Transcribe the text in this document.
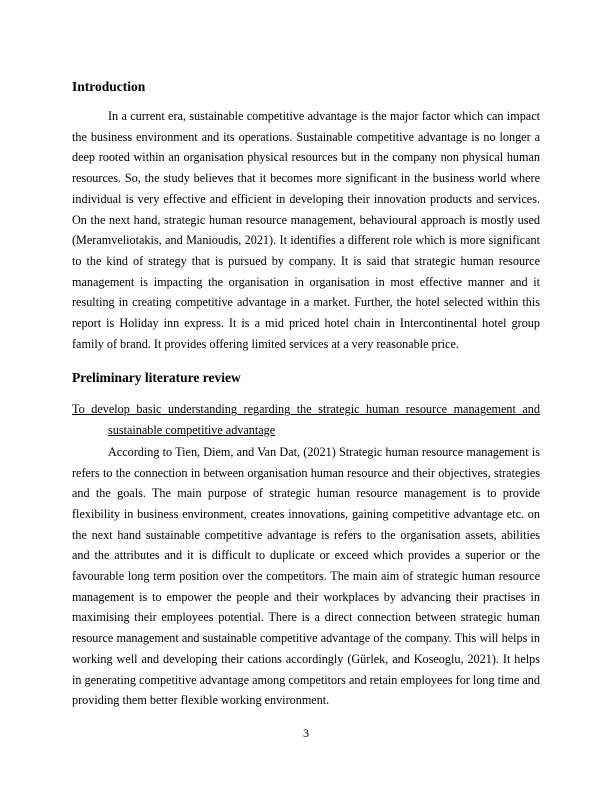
Introduction

In a current era, sustainable competitive advantage is the major factor which can impact the business environment and its operations. Sustainable competitive advantage is no longer a deep rooted within an organisation physical resources but in the company non physical human resources. So, the study believes that it becomes more significant in the business world where individual is very effective and efficient in developing their innovation products and services. On the next hand, strategic human resource management, behavioural approach is mostly used (Meramveliotakis, and Manioudis, 2021). It identifies a different role which is more significant to the kind of strategy that is pursued by company. It is said that strategic human resource management is impacting the organisation in organisation in most effective manner and it resulting in creating competitive advantage in a market. Further, the hotel selected within this report is Holiday inn express. It is a mid priced hotel chain in Intercontinental hotel group family of brand. It provides offering limited services at a very reasonable price.

Preliminary literature review

To develop basic understanding regarding the strategic human resource management and sustainable competitive advantage

According to Tien, Diem, and Van Dat, (2021) Strategic human resource management is refers to the connection in between organisation human resource and their objectives, strategies and the goals. The main purpose of strategic human resource management is to provide flexibility in business environment, creates innovations, gaining competitive advantage etc. on the next hand sustainable competitive advantage is refers to the organisation assets, abilities and the attributes and it is difficult to duplicate or exceed which provides a superior or the favourable long term position over the competitors. The main aim of strategic human resource management is to empower the people and their workplaces by advancing their practises in maximising their employees potential. There is a direct connection between strategic human resource management and sustainable competitive advantage of the company. This will helps in working well and developing their cations accordingly (Gürlek, and Koseoglu, 2021). It helps in generating competitive advantage among competitors and retain employees for long time and providing them better flexible working environment.

3
